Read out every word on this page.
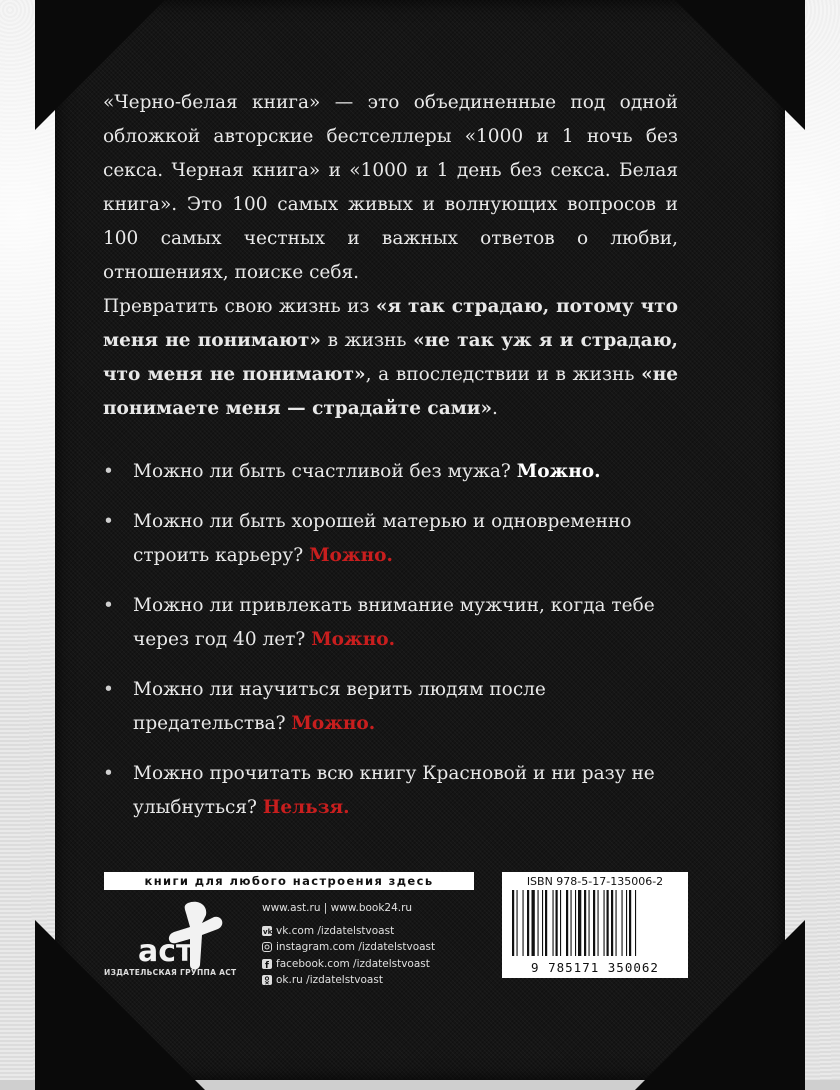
«Черно-белая книга» — это объединенные под одной обложкой авторские бестселлеры «1000 и 1 ночь без секса. Черная книга» и «1000 и 1 день без секса. Белая книга». Это 100 самых живых и волнующих вопросов и 100 самых честных и важных ответов о любви, отношениях, поиске себя.
Превратить свою жизнь из «я так страдаю, потому что меня не понимают» в жизнь «не так уж я и страдаю, что меня не понимают», а впоследствии и в жизнь «не понимаете меня — страдайте сами».
• Можно ли быть счастливой без мужа? Можно.
• Можно ли быть хорошей матерью и одновременно строить карьеру? Можно.
• Можно ли привлекать внимание мужчин, когда тебе через год 40 лет? Можно.
• Можно ли научиться верить людям после предательства? Можно.
• Можно прочитать всю книгу Красновой и ни разу не улыбнуться? Нельзя.
книги для любого настроения здесь
аст
ИЗДАТЕЛЬСКАЯ ГРУППА АСТ
www.ast.ru | www.book24.ru
vk vk.com /izdatelstvoast
instagram.com /izdatelstvoast
f facebook.com /izdatelstvoast
ok.ru /izdatelstvoast
ISBN 978-5-17-135006-2
9 785171 350062
